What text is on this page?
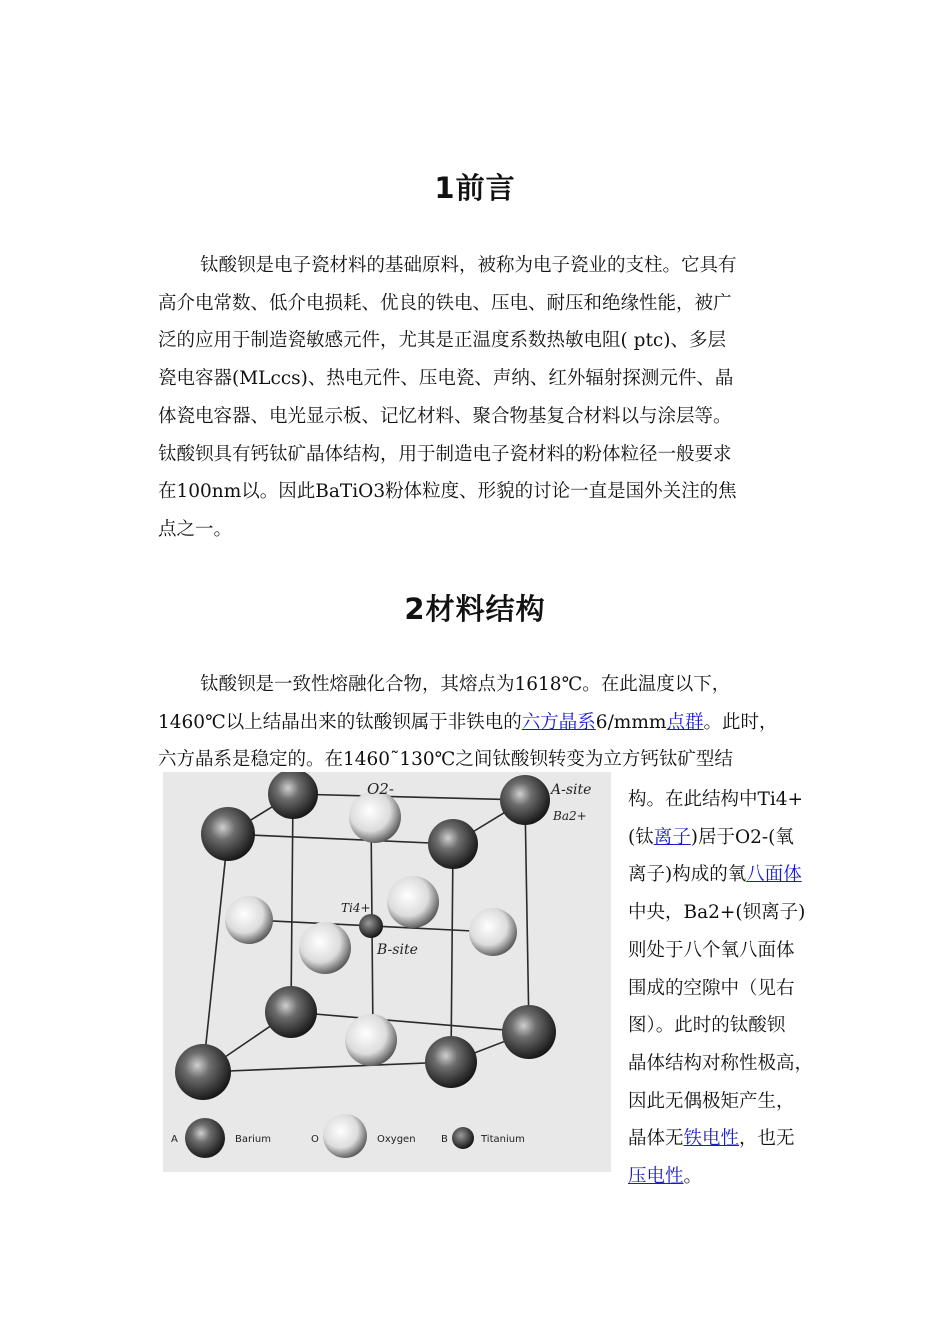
1前言
钛酸钡是电子瓷材料的基础原料，被称为电子瓷业的支柱。它具有
高介电常数、低介电损耗、优良的铁电、压电、耐压和绝缘性能，被广
泛的应用于制造瓷敏感元件，尤其是正温度系数热敏电阻( ptc)、多层
瓷电容器(MLccs)、热电元件、压电瓷、声纳、红外辐射探测元件、晶
体瓷电容器、电光显示板、记忆材料、聚合物基复合材料以与涂层等。
钛酸钡具有钙钛矿晶体结构，用于制造电子瓷材料的粉体粒径一般要求
在100nm以。因此BaTiO3粉体粒度、形貌的讨论一直是国外关注的焦
点之一。
2材料结构
钛酸钡是一致性熔融化合物，其熔点为1618℃。在此温度以下，
1460℃以上结晶出来的钛酸钡属于非铁电的六方晶系6/mmm点群。此时，
六方晶系是稳定的。在1460˜130℃之间钛酸钡转变为立方钙钛矿型结
O2-	A-site
Ba2+
Ti4+
B-site
A	Barium	O	Oxygen	B	Titanium
构。在此结构中Ti4+
(钛离子)居于O2-(氧
离子)构成的氧八面体
中央，Ba2+(钡离子)
则处于八个氧八面体
围成的空隙中（见右
图）。此时的钛酸钡
晶体结构对称性极高，
因此无偶极矩产生，
晶体无铁电性，也无
压电性。
